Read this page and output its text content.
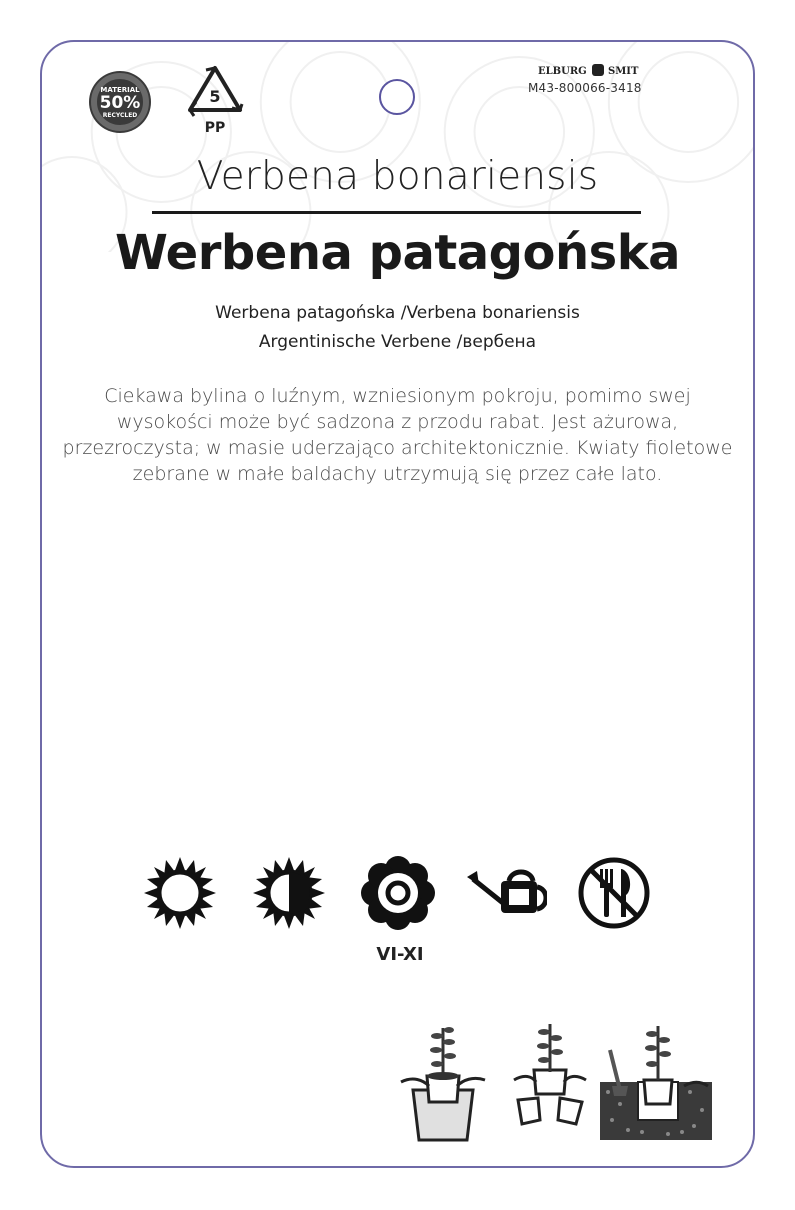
MATERIAL
50%
RECYCLED
5
PP
ELBURG SMIT
M43-800066-3418
Verbena bonariensis
Werbena patagońska
Werbena patagońska /Verbena bonariensis
Argentinische Verbene /вербена
Ciekawa bylina o luźnym, wzniesionym pokroju, pomimo swej wysokości może być sadzona z przodu rabat. Jest ażurowa, przezroczysta; w masie uderzająco architektonicznie. Kwiaty fioletowe zebrane w małe baldachy utrzymują się przez całe lato.
VI-XI
